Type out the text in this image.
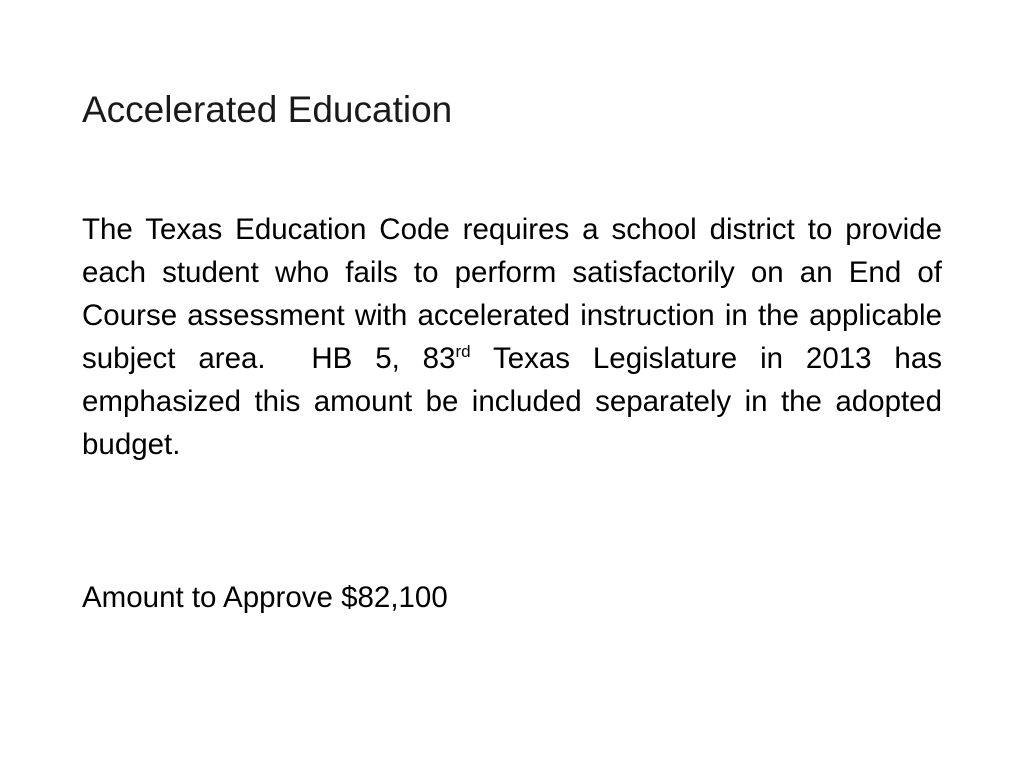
Accelerated Education

The Texas Education Code requires a school district to provide each student who fails to perform satisfactorily on an End of Course assessment with accelerated instruction in the applicable subject area.  HB 5, 83rd Texas Legislature in 2013 has emphasized this amount be included separately in the adopted budget.

Amount to Approve $82,100
